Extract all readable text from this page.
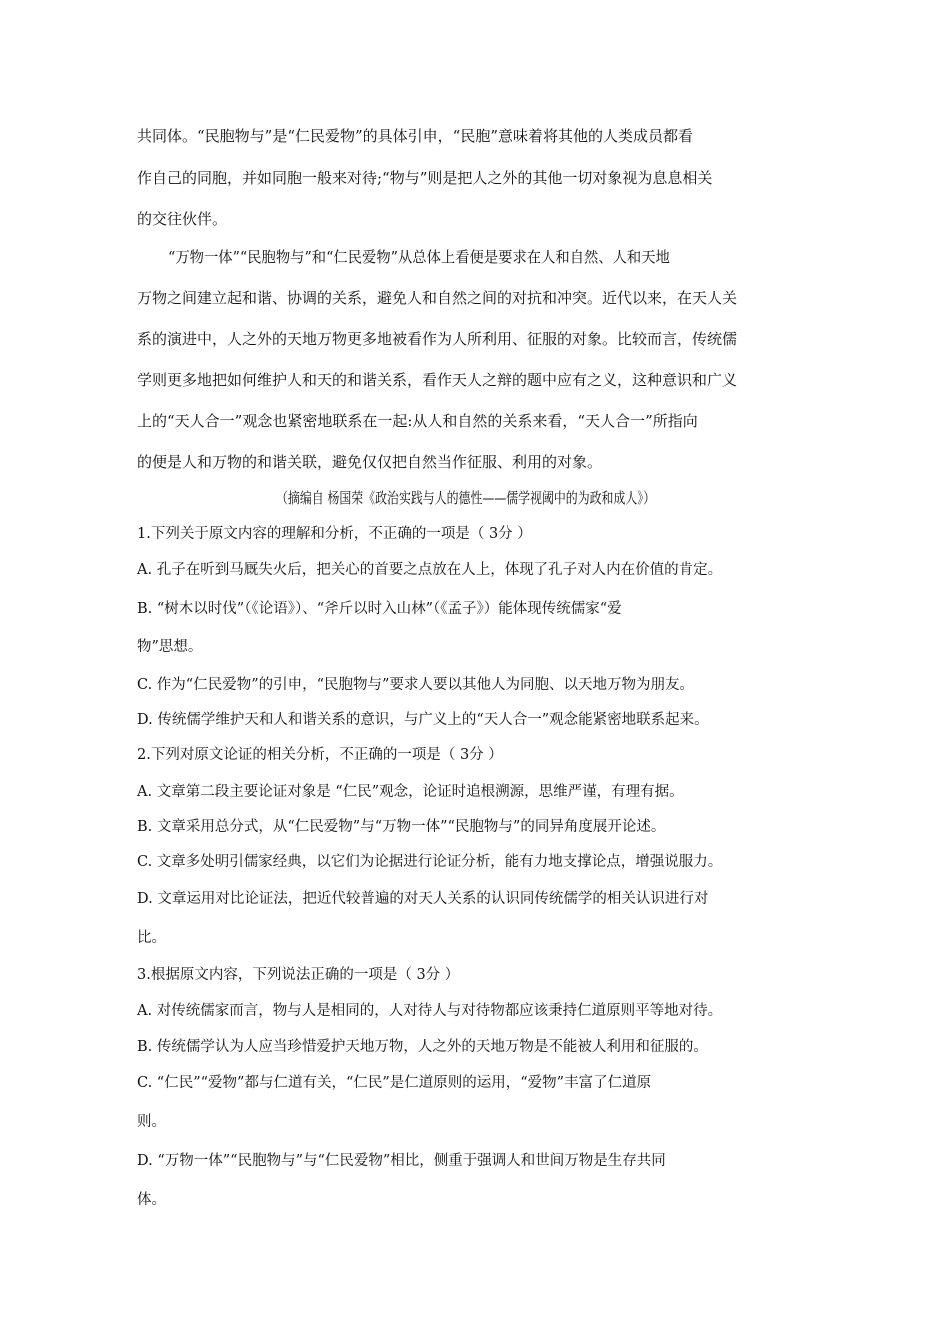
共同体。“民胞物与”是“仁民爱物”的具体引申，“民胞”意味着将其他的人类成员都看
作自己的同胞，并如同胞一般来对待;“物与”则是把人之外的其他一切对象视为息息相关
的交往伙伴。
“万物一体”“民胞物与”和“仁民爱物”从总体上看便是要求在人和自然、人和天地
万物之间建立起和谐、协调的关系，避免人和自然之间的对抗和冲突。近代以来，在天人关
系的演进中，人之外的天地万物更多地被看作为人所利用、征服的对象。比较而言，传统儒
学则更多地把如何维护人和天的和谐关系，看作天人之辩的题中应有之义，这种意识和广义
上的“天人合一”观念也紧密地联系在一起:从人和自然的关系来看，“天人合一”所指向
的便是人和万物的和谐关联，避免仅仅把自然当作征服、利用的对象。
（摘编自 杨国荣《政治实践与人的德性——儒学视阈中的为政和成人》）
1.下列关于原文内容的理解和分析，不正确的一项是（ 3分 ）
A. 孔子在听到马厩失火后，把关心的首要之点放在人上，体现了孔子对人内在价值的肯定。
B. “树木以时伐”（《论语》）、“斧斤以时入山林”（《孟子》）能体现传统儒家“爱
物”思想。
C. 作为“仁民爱物”的引申，“民胞物与”要求人要以其他人为同胞、以天地万物为朋友。
D. 传统儒学维护天和人和谐关系的意识，与广义上的“天人合一”观念能紧密地联系起来。
2.下列对原文论证的相关分析，不正确的一项是（ 3分 ）
A. 文章第二段主要论证对象是 “仁民”观念，论证时追根溯源，思维严谨，有理有据。
B. 文章采用总分式，从“仁民爱物”与“万物一体”“民胞物与”的同异角度展开论述。
C. 文章多处明引儒家经典，以它们为论据进行论证分析，能有力地支撑论点，增强说服力。
D. 文章运用对比论证法，把近代较普遍的对天人关系的认识同传统儒学的相关认识进行对
比。
3.根据原文内容，下列说法正确的一项是（ 3分 ）
A. 对传统儒家而言，物与人是相同的，人对待人与对待物都应该秉持仁道原则平等地对待。
B. 传统儒学认为人应当珍惜爱护天地万物，人之外的天地万物是不能被人利用和征服的。
C. “仁民”“爱物”都与仁道有关，“仁民”是仁道原则的运用，“爱物”丰富了仁道原
则。
D. “万物一体”“民胞物与”与“仁民爱物”相比，侧重于强调人和世间万物是生存共同
体。
